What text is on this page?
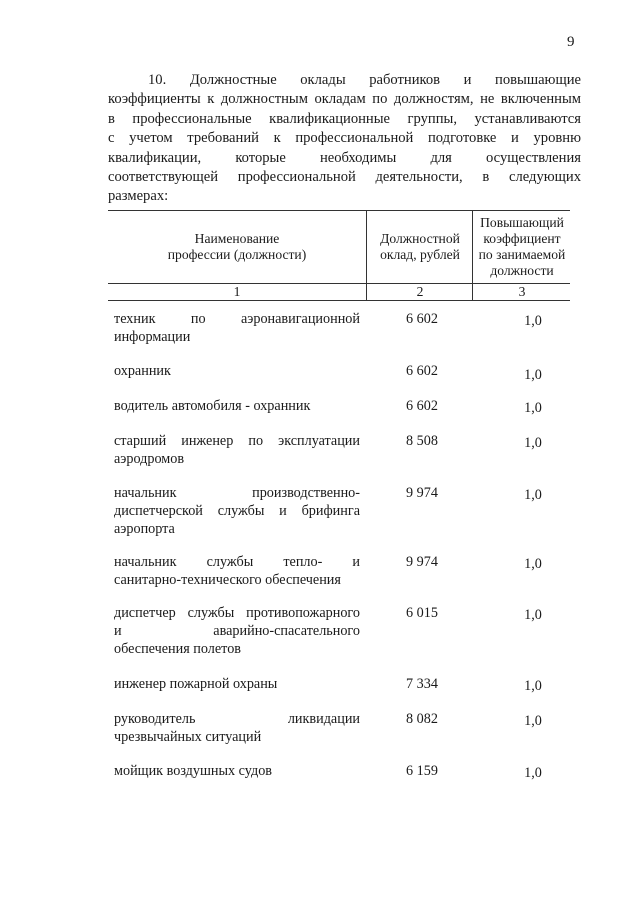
9
10. Должностные оклады работников и повышающие
коэффициенты к должностным окладам по должностям, не включенным
в профессиональные квалификационные группы, устанавливаются
с учетом требований к профессиональной подготовке и уровню
квалификации, которые необходимы для осуществления
соответствующей профессиональной деятельности, в следующих
размерах:
Наименование профессии (должности)
Должностной оклад, рублей
Повышающий коэффициент по занимаемой должности
1	2	3
техник по аэронавигационной
информации
6 602	1,0
охранник	6 602	1,0
водитель автомобиля - охранник	6 602	1,0
старший инженер по эксплуатации
аэродромов
8 508	1,0
начальник производственно-
диспетчерской службы и брифинга
аэропорта
9 974	1,0
начальник службы тепло- и
санитарно-технического обеспечения
9 974	1,0
диспетчер службы противопожарного
и аварийно-спасательного
обеспечения полетов
6 015	1,0
инженер пожарной охраны	7 334	1,0
руководитель ликвидации
чрезвычайных ситуаций
8 082	1,0
мойщик воздушных судов	6 159	1,0
